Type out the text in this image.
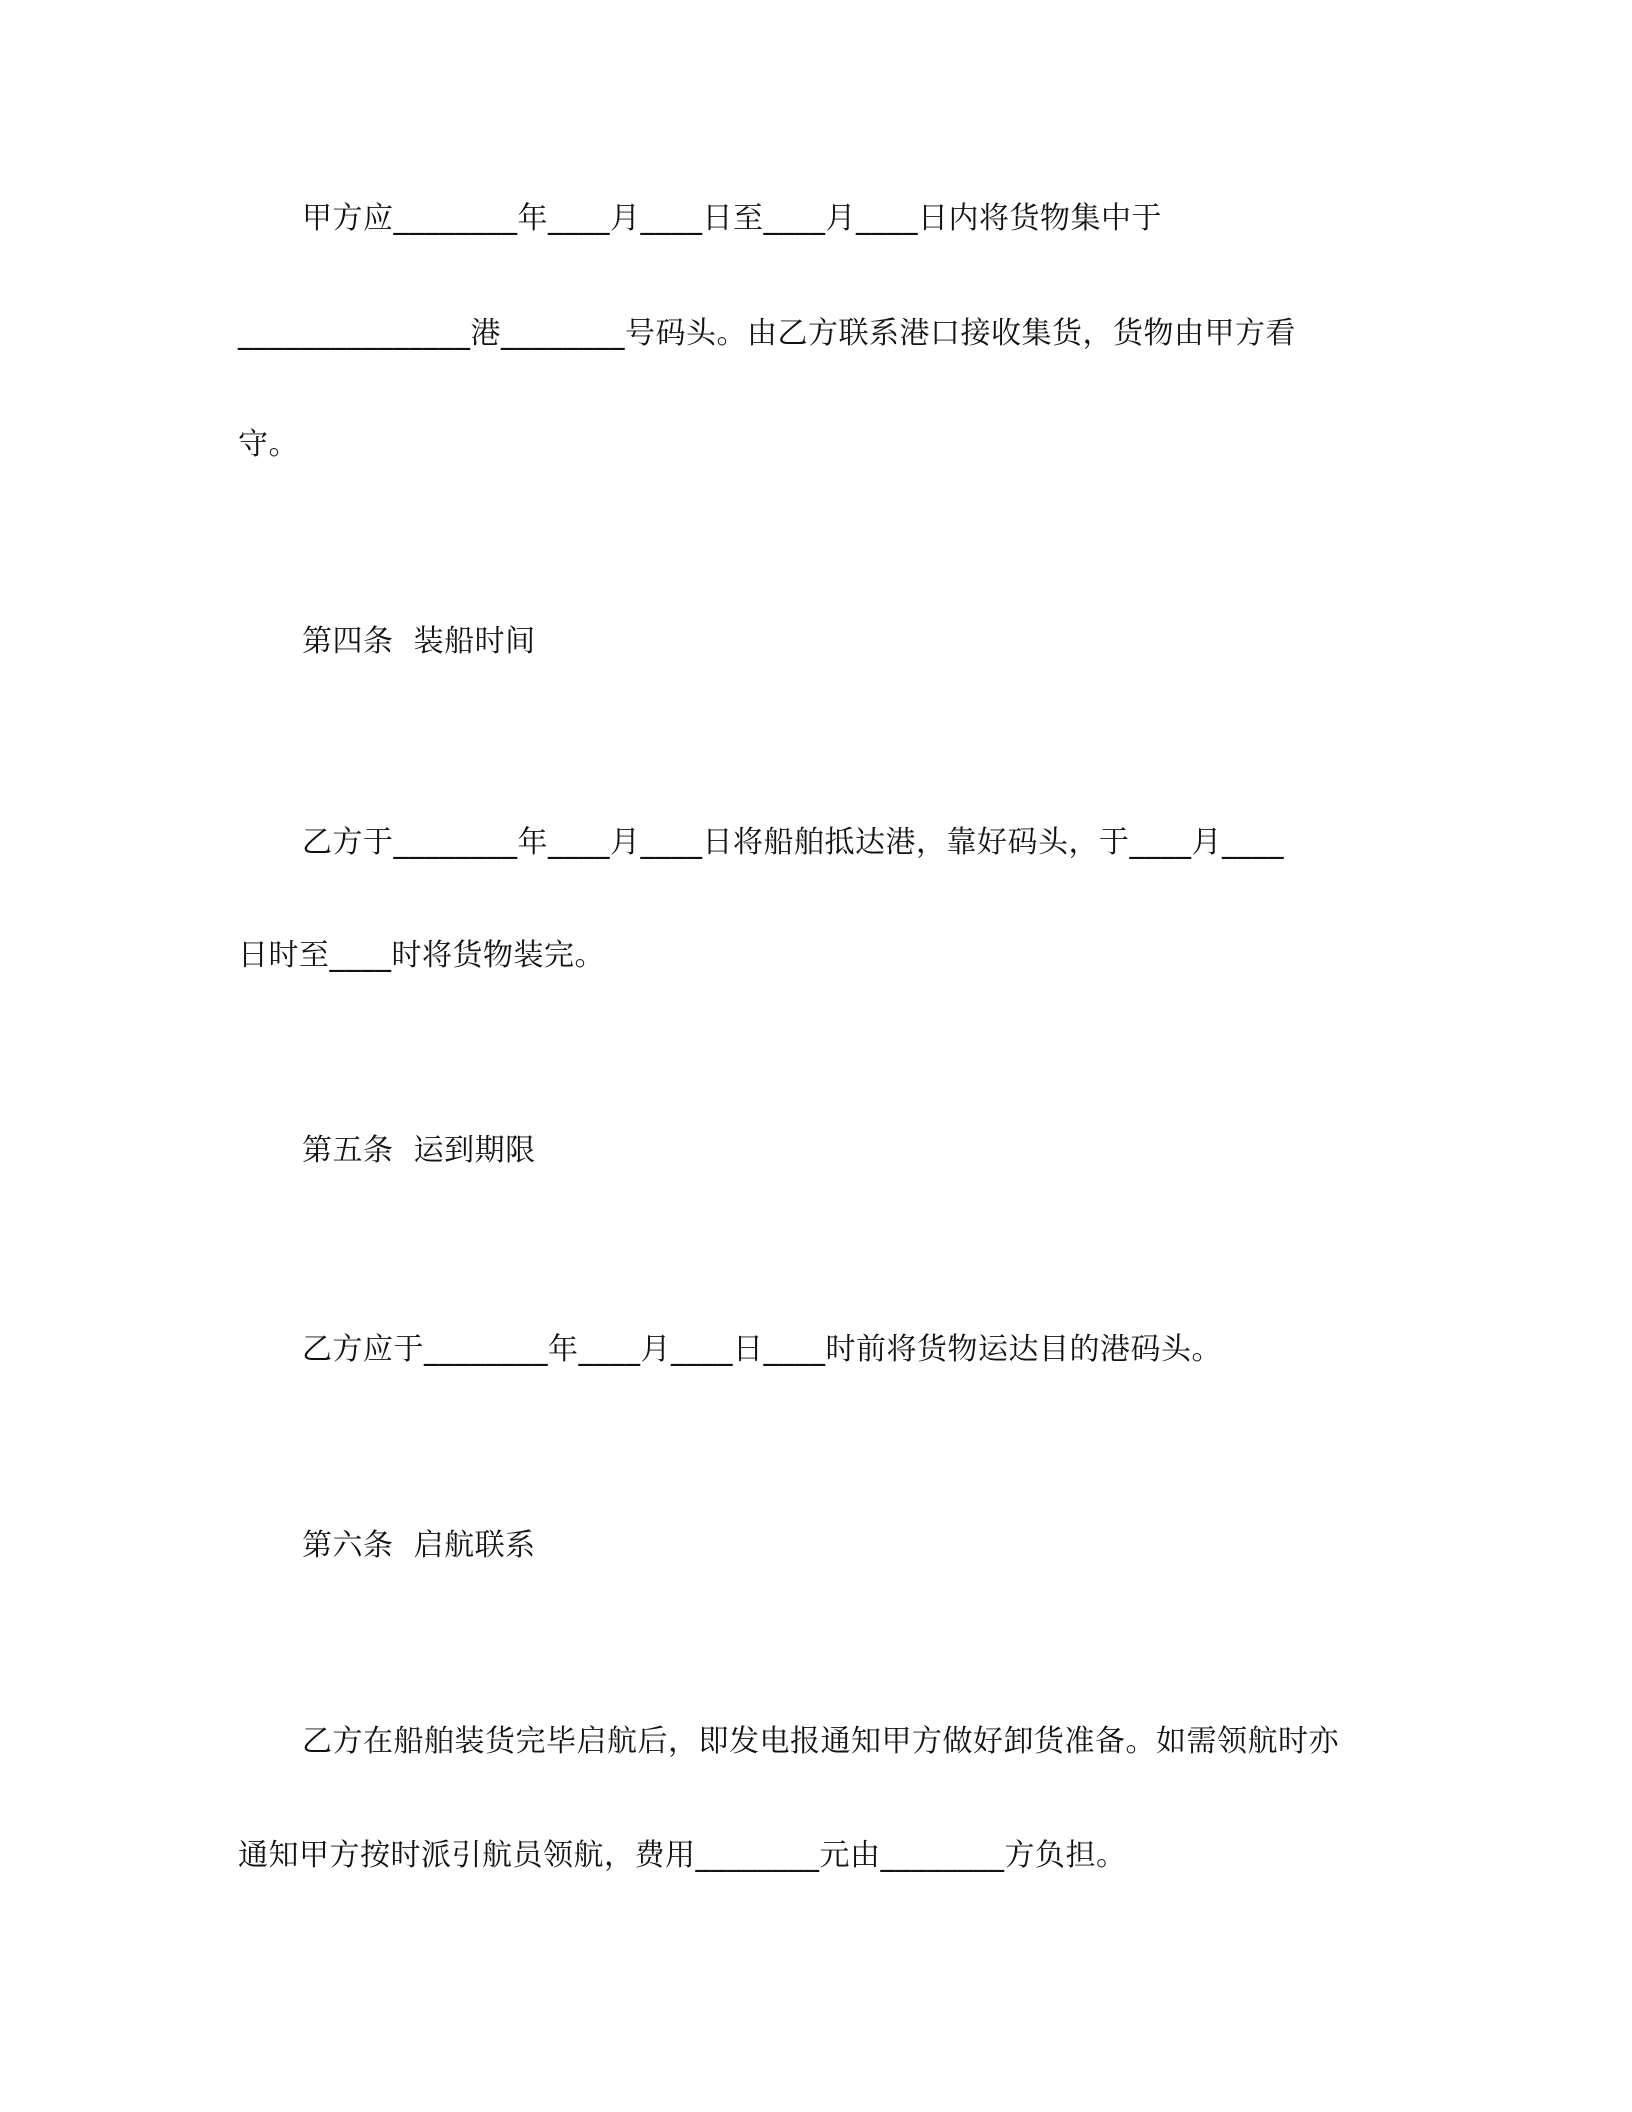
甲方应________年____月____日至____月____日内将货物集中于
_______________港________号码头。由乙方联系港口接收集货，货物由甲方看
守。
第四条  装船时间
乙方于________年____月____日将船舶抵达港，靠好码头，于____月____
日时至____时将货物装完。
第五条  运到期限
乙方应于________年____月____日____时前将货物运达目的港码头。
第六条  启航联系
乙方在船舶装货完毕启航后，即发电报通知甲方做好卸货准备。如需领航时亦
通知甲方按时派引航员领航，费用________元由________方负担。
